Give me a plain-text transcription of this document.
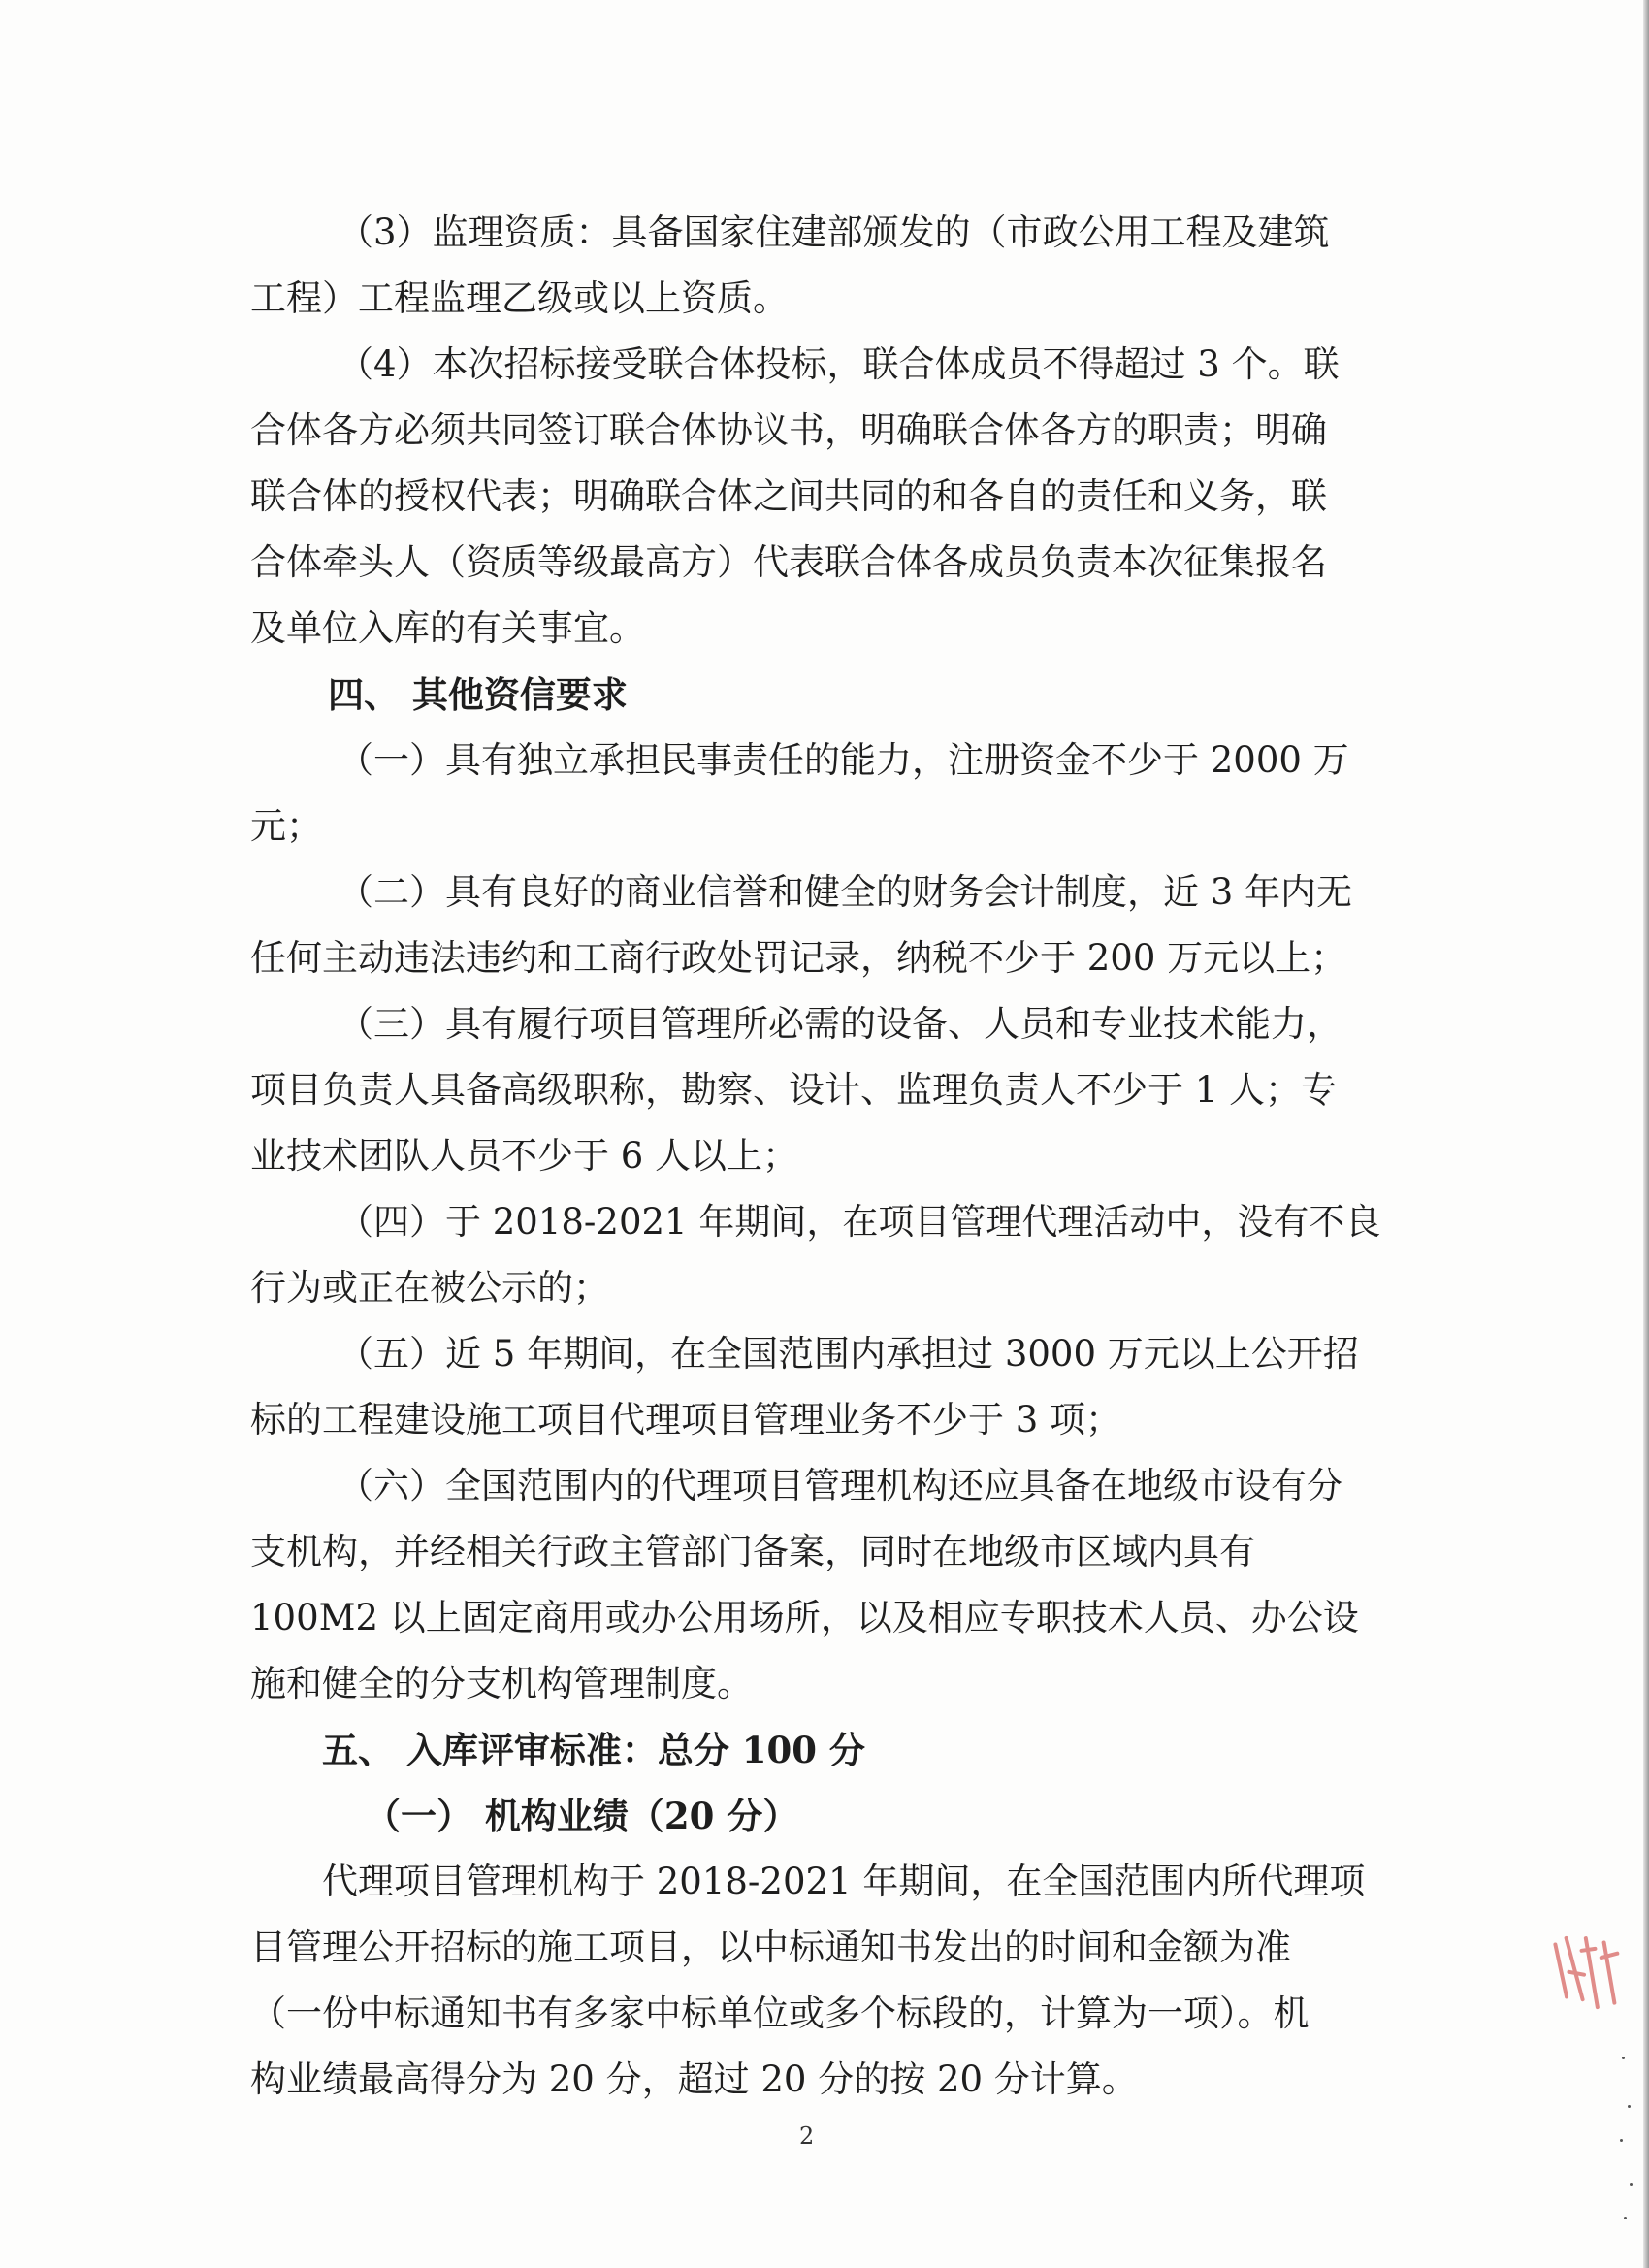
（3）监理资质：具备国家住建部颁发的（市政公用工程及建筑
工程）工程监理乙级或以上资质。
（4）本次招标接受联合体投标，联合体成员不得超过 3 个。联
合体各方必须共同签订联合体协议书，明确联合体各方的职责；明确
联合体的授权代表；明确联合体之间共同的和各自的责任和义务，联
合体牵头人（资质等级最高方）代表联合体各成员负责本次征集报名
及单位入库的有关事宜。
四、 其他资信要求
（一）具有独立承担民事责任的能力，注册资金不少于 2000 万
元；
（二）具有良好的商业信誉和健全的财务会计制度，近 3 年内无
任何主动违法违约和工商行政处罚记录，纳税不少于 200 万元以上；
（三）具有履行项目管理所必需的设备、人员和专业技术能力，
项目负责人具备高级职称，勘察、设计、监理负责人不少于 1 人；专
业技术团队人员不少于 6 人以上；
（四）于 2018-2021 年期间，在项目管理代理活动中，没有不良
行为或正在被公示的；
（五）近 5 年期间，在全国范围内承担过 3000 万元以上公开招
标的工程建设施工项目代理项目管理业务不少于 3 项；
（六）全国范围内的代理项目管理机构还应具备在地级市设有分
支机构，并经相关行政主管部门备案，同时在地级市区域内具有
100M2 以上固定商用或办公用场所，以及相应专职技术人员、办公设
施和健全的分支机构管理制度。
五、 入库评审标准：总分 100 分
（一） 机构业绩（20 分）
代理项目管理机构于 2018-2021 年期间，在全国范围内所代理项
目管理公开招标的施工项目，以中标通知书发出的时间和金额为准
（一份中标通知书有多家中标单位或多个标段的，计算为一项）。机
构业绩最高得分为 20 分，超过 20 分的按 20 分计算。
2
